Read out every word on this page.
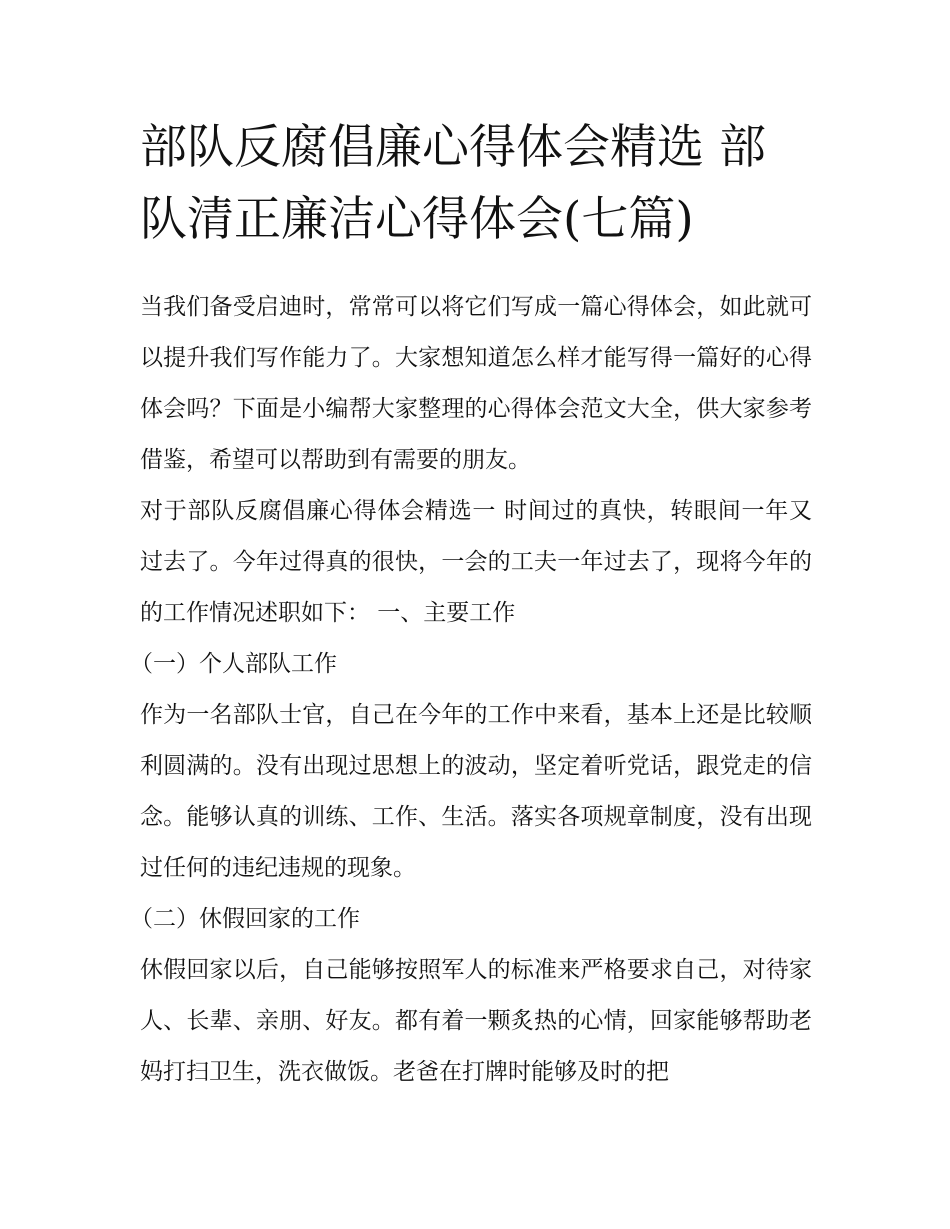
部队反腐倡廉心得体会精选 部队清正廉洁心得体会(七篇)

当我们备受启迪时，常常可以将它们写成一篇心得体会，如此就可以提升我们写作能力了。大家想知道怎么样才能写得一篇好的心得体会吗？下面是小编帮大家整理的心得体会范文大全，供大家参考借鉴，希望可以帮助到有需要的朋友。

对于部队反腐倡廉心得体会精选一 时间过的真快，转眼间一年又过去了。今年过得真的很快，一会的工夫一年过去了，现将今年的的工作情况述职如下： 一、主要工作

（一）个人部队工作

作为一名部队士官，自己在今年的工作中来看，基本上还是比较顺利圆满的。没有出现过思想上的波动，坚定着听党话，跟党走的信念。能够认真的训练、工作、生活。落实各项规章制度，没有出现过任何的违纪违规的现象。

（二）休假回家的工作

休假回家以后，自己能够按照军人的标准来严格要求自己，对待家人、长辈、亲朋、好友。都有着一颗炙热的心情，回家能够帮助老妈打扫卫生，洗衣做饭。老爸在打牌时能够及时的把
